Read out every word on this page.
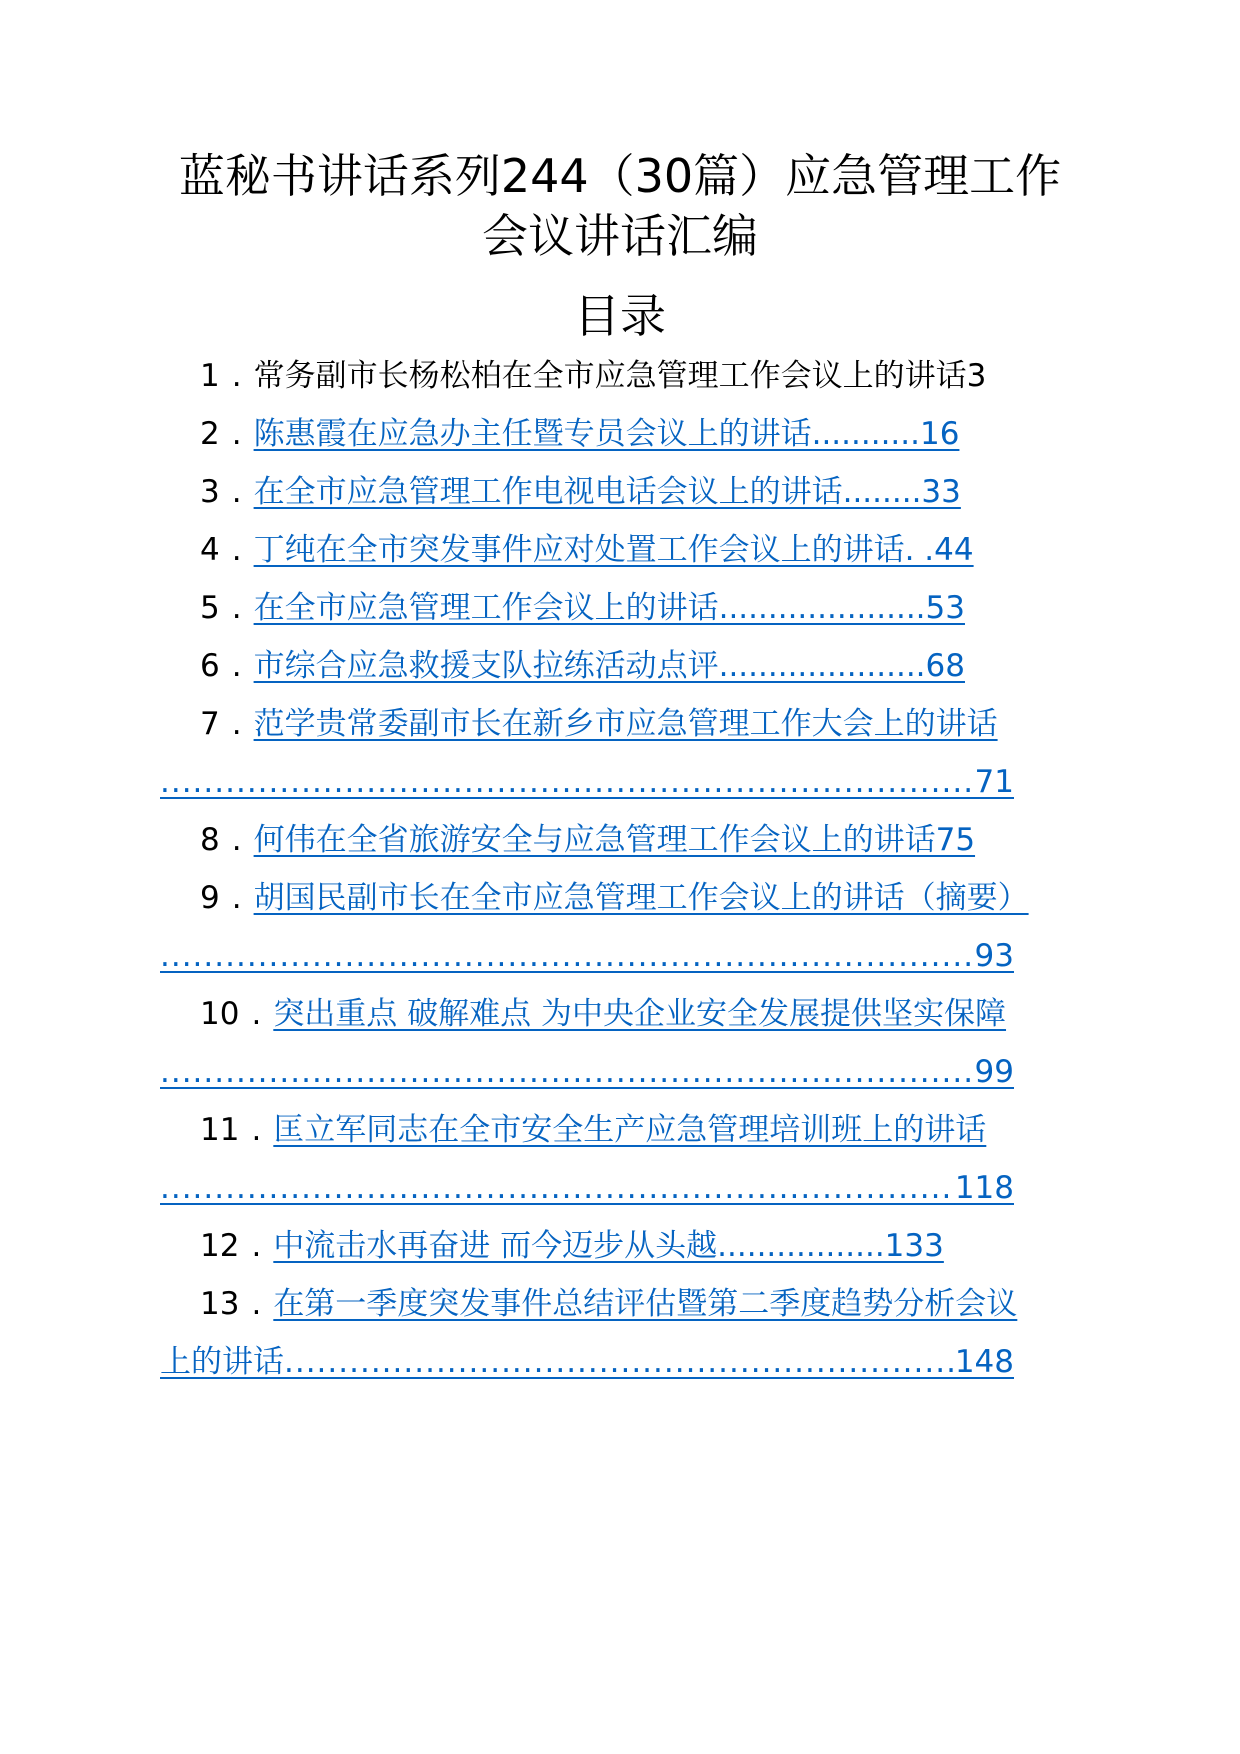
蓝秘书讲话系列244（30篇）应急管理工作
会议讲话汇编
目录
1 . 常务副市长杨松柏在全市应急管理工作会议上的讲话3
2 . 陈惠霞在应急办主任暨专员会议上的讲话...........16
3 . 在全市应急管理工作电视电话会议上的讲话........33
4 . 丁纯在全市突发事件应对处置工作会议上的讲话. .44
5 . 在全市应急管理工作会议上的讲话.....................53
6 . 市综合应急救援支队拉练活动点评.....................68
7 . 范学贵常委副市长在新乡市应急管理工作大会上的讲话
.....
71
8 . 何伟在全省旅游安全与应急管理工作会议上的讲话75
9 . 胡国民副市长在全市应急管理工作会议上的讲话（摘要）
.....
93
10 . 突出重点 破解难点 为中央企业安全发展提供坚实保障
.....
99
11 . 匡立军同志在全市安全生产应急管理培训班上的讲话
.....
118
12 . 中流击水再奋进 而今迈步从头越.................133
13 . 在第一季度突发事件总结评估暨第二季度趋势分析会议
上的讲话 .....	148
